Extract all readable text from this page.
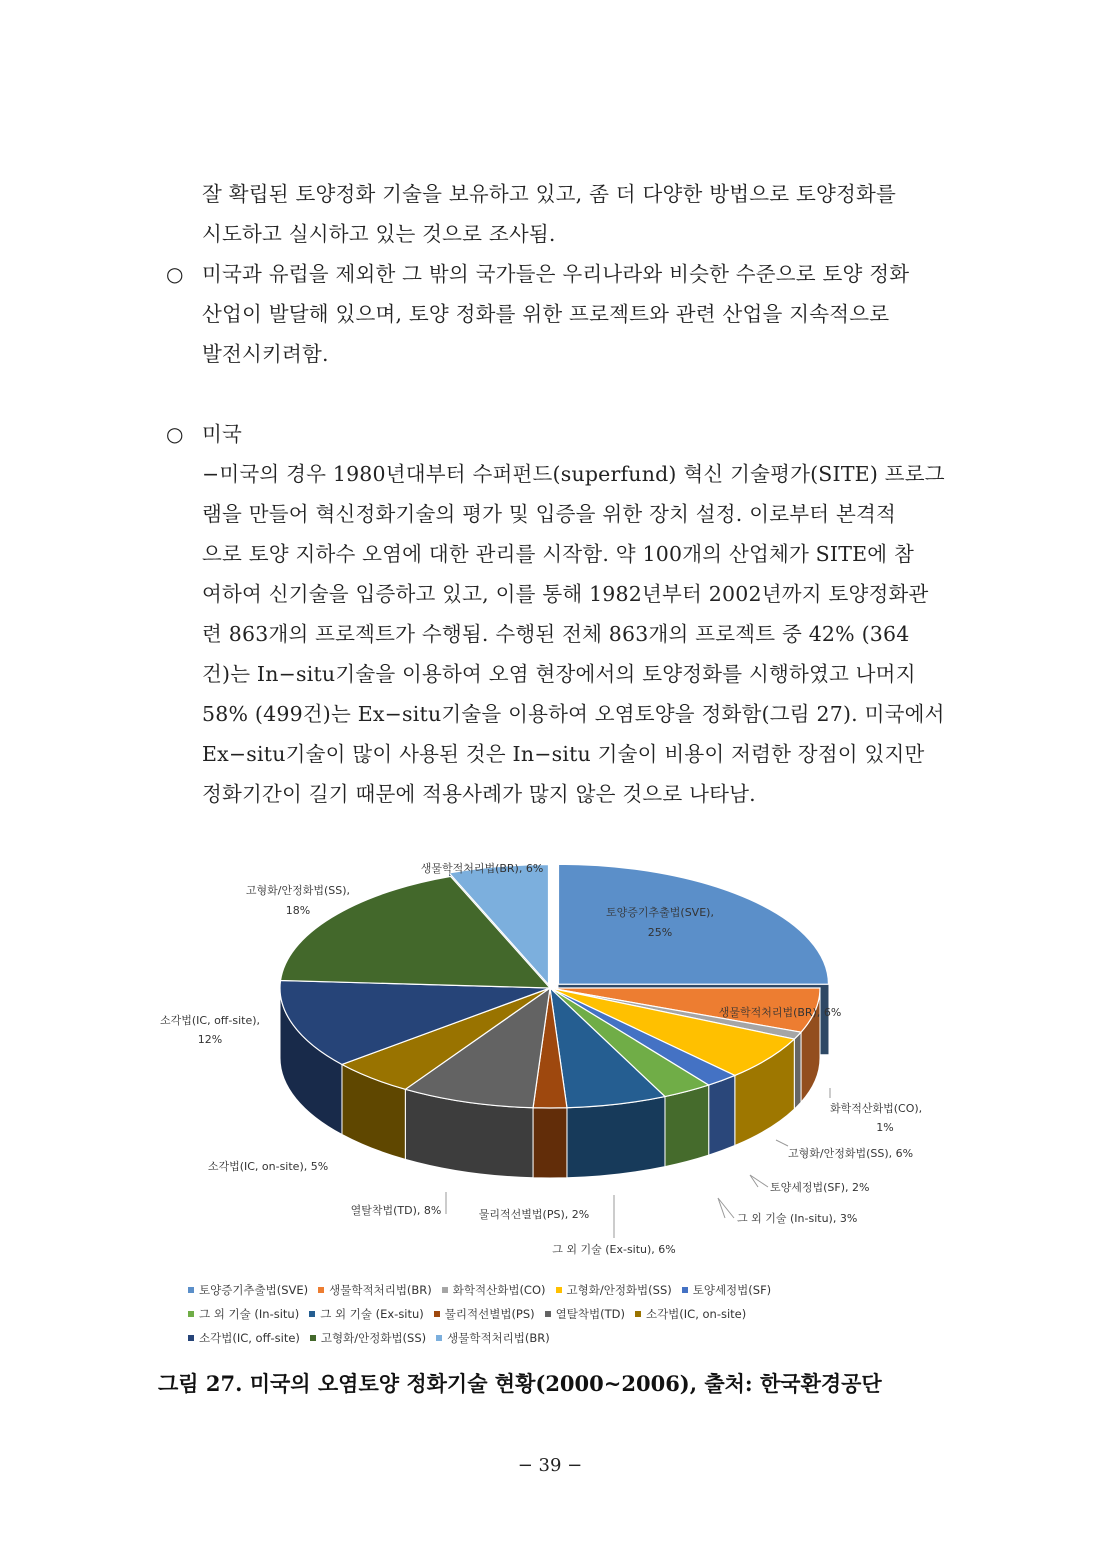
잘 확립된 토양정화 기술을 보유하고 있고, 좀 더 다양한 방법으로 토양정화를
시도하고 실시하고 있는 것으로 조사됨.
○ 미국과 유럽을 제외한 그 밖의 국가들은 우리나라와 비슷한 수준으로 토양 정화
산업이 발달해 있으며, 토양 정화를 위한 프로젝트와 관련 산업을 지속적으로
발전시키려함.
○ 미국
−미국의 경우 1980년대부터 수퍼펀드(superfund) 혁신 기술평가(SITE) 프로그
램을 만들어 혁신정화기술의 평가 및 입증을 위한 장치 설정. 이로부터 본격적
으로 토양 지하수 오염에 대한 관리를 시작함. 약 100개의 산업체가 SITE에 참
여하여 신기술을 입증하고 있고, 이를 통해 1982년부터 2002년까지 토양정화관
련 863개의 프로젝트가 수행됨. 수행된 전체 863개의 프로젝트 중 42% (364
건)는 In−situ기술을 이용하여 오염 현장에서의 토양정화를 시행하였고 나머지
58% (499건)는 Ex−situ기술을 이용하여 오염토양을 정화함(그림 27). 미국에서
Ex−situ기술이 많이 사용된 것은 In−situ 기술이 비용이 저렴한 장점이 있지만
정화기간이 길기 때문에 적용사례가 많지 않은 것으로 나타남.
토양증기추출법(SVE),
25%
생물학적처리법(BR), 6%
화학적산화법(CO),
1%
고형화/안정화법(SS), 6%
토양세정법(SF), 2%
그 외 기술 (In-situ), 3%
그 외 기술 (Ex-situ), 6%
물리적선별법(PS), 2%
열탈착법(TD), 8%
소각법(IC, on-site), 5%
소각법(IC, off-site),
12%
고형화/안정화법(SS),
18%
생물학적처리법(BR), 6%
토양증기추출법(SVE) 생물학적처리법(BR) 화학적산화법(CO) 고형화/안정화법(SS) 토양세정법(SF)
그 외 기술 (In-situ) 그 외 기술 (Ex-situ) 물리적선별법(PS) 열탈착법(TD) 소각법(IC, on-site)
소각법(IC, off-site) 고형화/안정화법(SS) 생물학적처리법(BR)
그림 27. 미국의 오염토양 정화기술 현황(2000~2006), 출처: 한국환경공단
− 39 −
